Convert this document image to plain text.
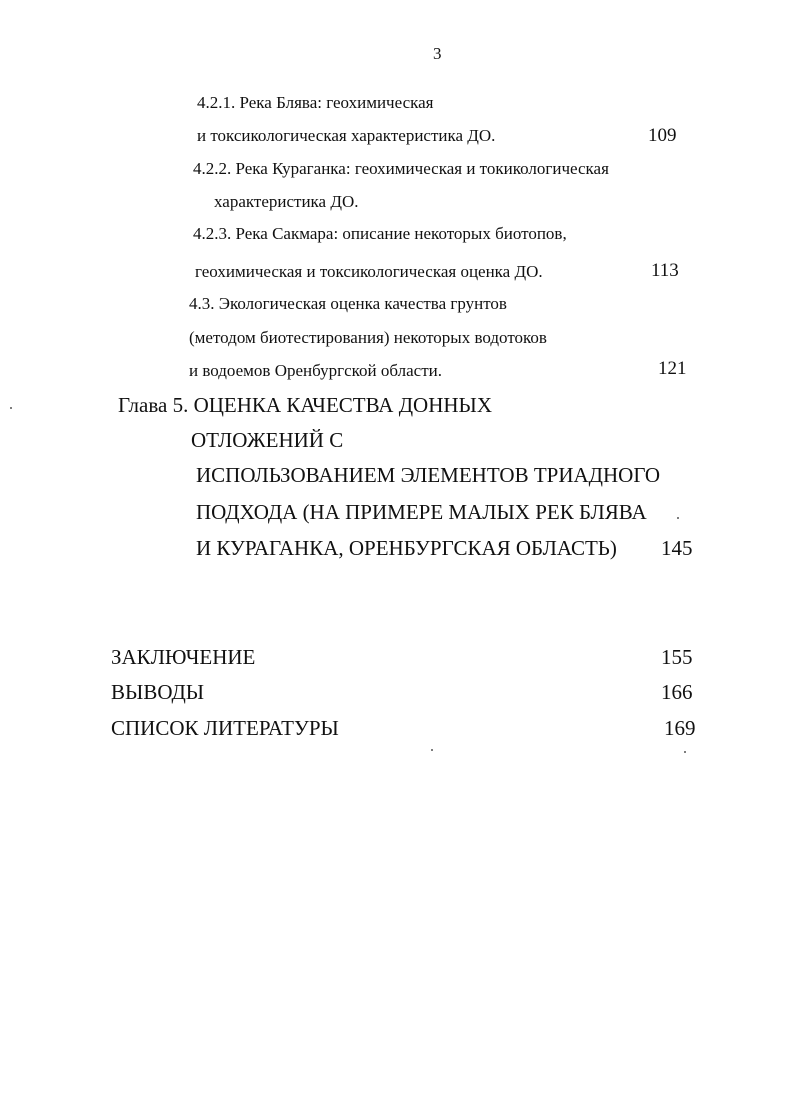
3
4.2.1. Река Блява: геохимическая
и токсикологическая характеристика ДО.	109
4.2.2. Река Кураганка: геохимическая и токикологическая
характеристика ДО.
4.2.3. Река Сакмара: описание некоторых биотопов,
геохимическая и токсикологическая оценка ДО.	113
4.3. Экологическая оценка качества грунтов
(методом биотестирования) некоторых водотоков
и водоемов Оренбургской области.	121
Глава 5. ОЦЕНКА КАЧЕСТВА ДОННЫХ
ОТЛОЖЕНИЙ С
ИСПОЛЬЗОВАНИЕМ ЭЛЕМЕНТОВ ТРИАДНОГО
ПОДХОДА (НА ПРИМЕРЕ МАЛЫХ РЕК БЛЯВА
И КУРАГАНКА, ОРЕНБУРГСКАЯ ОБЛАСТЬ) 145
ЗАКЛЮЧЕНИЕ	155
ВЫВОДЫ	166
СПИСОК ЛИТЕРАТУРЫ	169
